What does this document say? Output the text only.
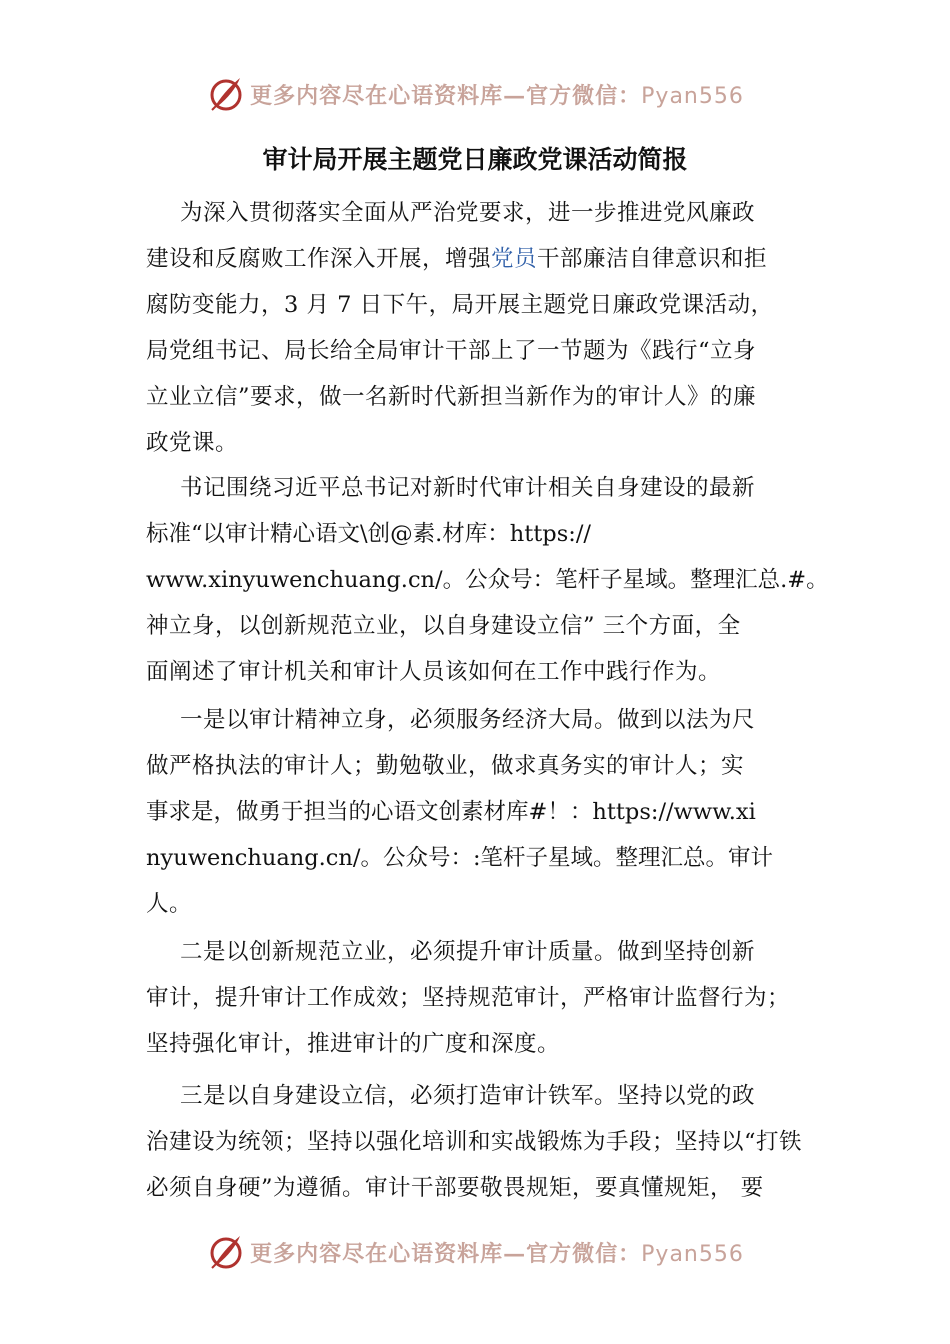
更多内容尽在心语资料库—官方微信：Pyan556
审计局开展主题党日廉政党课活动简报
为深入贯彻落实全面从严治党要求，进一步推进党风廉政
建设和反腐败工作深入开展，增强党员干部廉洁自律意识和拒
腐防变能力，3 月 7 日下午，局开展主题党日廉政党课活动，
局党组书记、局长给全局审计干部上了一节题为《践行“立身
立业立信”要求，做一名新时代新担当新作为的审计人》的廉
政党课。
书记围绕习近平总书记对新时代审计相关自身建设的最新
标准“以审计精心语文\创@素.材库：https://
www.xinyuwenchuang.cn/。公众号：笔杆子星域。整理汇总.#。
神立身，以创新规范立业，以自身建设立信” 三个方面，全
面阐述了审计机关和审计人员该如何在工作中践行作为。
一是以审计精神立身，必须服务经济大局。做到以法为尺
做严格执法的审计人；勤勉敬业，做求真务实的审计人；实
事求是，做勇于担当的心语文创素材库#！：https://www.xi
nyuwenchuang.cn/。公众号：:笔杆子星域。整理汇总。审计
人。
二是以创新规范立业，必须提升审计质量。做到坚持创新
审计，提升审计工作成效；坚持规范审计，严格审计监督行为；
坚持强化审计，推进审计的广度和深度。
三是以自身建设立信，必须打造审计铁军。坚持以党的政
治建设为统领；坚持以强化培训和实战锻炼为手段；坚持以“打铁
必须自身硬”为遵循。审计干部要敬畏规矩，要真懂规矩， 要
更多内容尽在心语资料库—官方微信：Pyan556
